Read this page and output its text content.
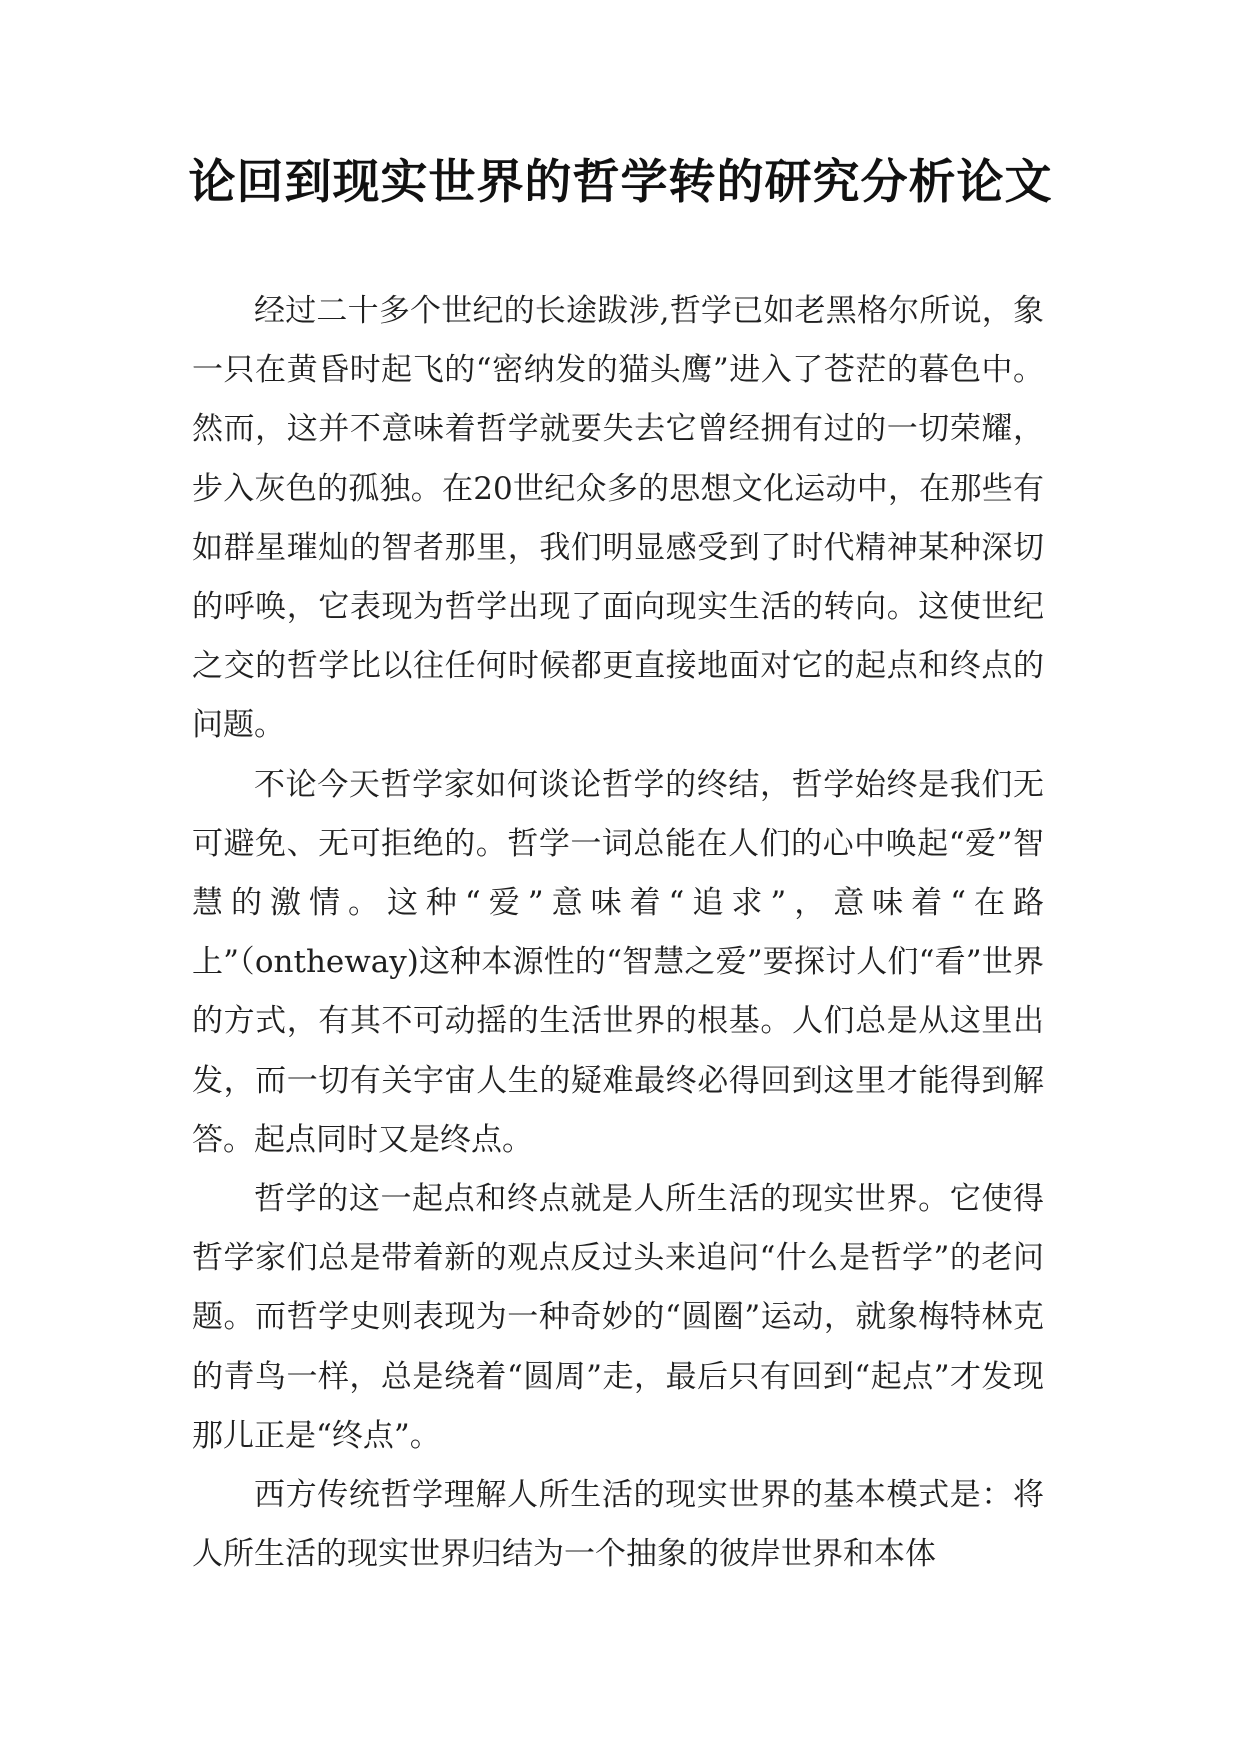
论回到现实世界的哲学转的研究分析论文

经过二十多个世纪的长途跋涉,哲学已如老黑格尔所说，象一只在黄昏时起飞的“密纳发的猫头鹰”进入了苍茫的暮色中。然而，这并不意味着哲学就要失去它曾经拥有过的一切荣耀，步入灰色的孤独。在20世纪众多的思想文化运动中，在那些有如群星璀灿的智者那里，我们明显感受到了时代精神某种深切的呼唤，它表现为哲学出现了面向现实生活的转向。这使世纪之交的哲学比以往任何时候都更直接地面对它的起点和终点的问题。

不论今天哲学家如何谈论哲学的终结，哲学始终是我们无可避免、无可拒绝的。哲学一词总能在人们的心中唤起“爱”智慧的激情。这种“爱”意味着“追求”，意味着“在路上”（ontheway)这种本源性的“智慧之爱”要探讨人们“看”世界的方式，有其不可动摇的生活世界的根基。人们总是从这里出发，而一切有关宇宙人生的疑难最终必得回到这里才能得到解答。起点同时又是终点。

哲学的这一起点和终点就是人所生活的现实世界。它使得哲学家们总是带着新的观点反过头来追问“什么是哲学”的老问题。而哲学史则表现为一种奇妙的“圆圈”运动，就象梅特林克的青鸟一样，总是绕着“圆周”走，最后只有回到“起点”才发现那儿正是“终点”。

西方传统哲学理解人所生活的现实世界的基本模式是：将人所生活的现实世界归结为一个抽象的彼岸世界和本体
